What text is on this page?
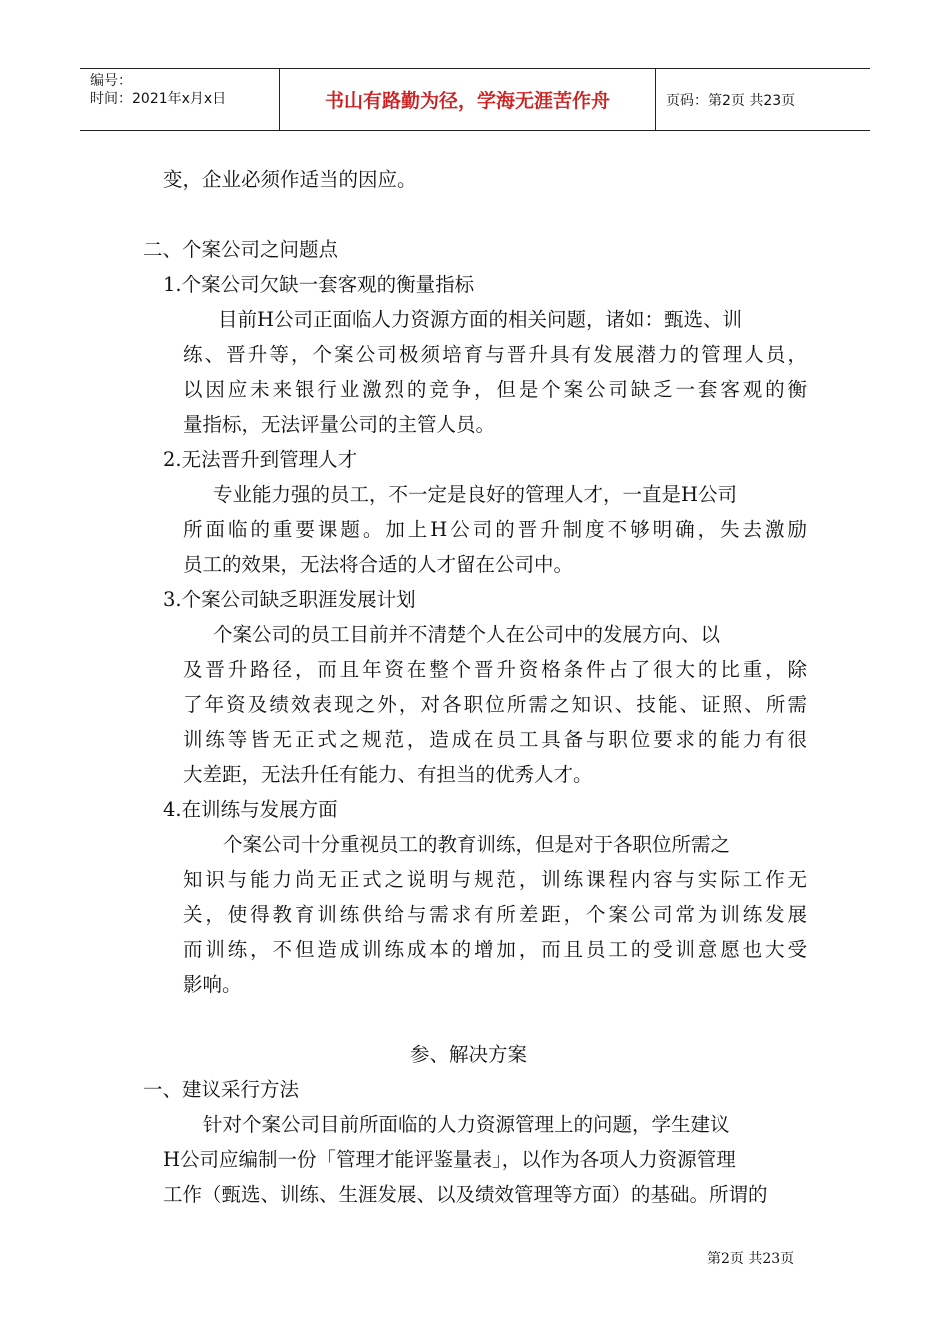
编号：
时间：2021年x月x日	书山有路勤为径，学海无涯苦作舟	页码：第2页 共23页
变，企业必须作适当的因应。
二、个案公司之问题点
1.个案公司欠缺一套客观的衡量指标
目前H公司正面临人力资源方面的相关问题，诸如：甄选、训
练、晋升等，个案公司极须培育与晋升具有发展潜力的管理人员，
以因应未来银行业激烈的竞争，但是个案公司缺乏一套客观的衡
量指标，无法评量公司的主管人员。
2.无法晋升到管理人才
专业能力强的员工，不一定是良好的管理人才，一直是H公司
所面临的重要课题。加上H公司的晋升制度不够明确，失去激励
员工的效果，无法将合适的人才留在公司中。
3.个案公司缺乏职涯发展计划
个案公司的员工目前并不清楚个人在公司中的发展方向、以
及晋升路径，而且年资在整个晋升资格条件占了很大的比重，除
了年资及绩效表现之外，对各职位所需之知识、技能、证照、所需
训练等皆无正式之规范，造成在员工具备与职位要求的能力有很
大差距，无法升任有能力、有担当的优秀人才。
4.在训练与发展方面
个案公司十分重视员工的教育训练，但是对于各职位所需之
知识与能力尚无正式之说明与规范，训练课程内容与实际工作无
关，使得教育训练供给与需求有所差距，个案公司常为训练发展
而训练，不但造成训练成本的增加，而且员工的受训意愿也大受
影响。
参、解决方案
一、建议采行方法
针对个案公司目前所面临的人力资源管理上的问题，学生建议
H公司应编制一份「管理才能评鉴量表」，以作为各项人力资源管理
工作（甄选、训练、生涯发展、以及绩效管理等方面）的基础。所谓的
第2页 共23页
